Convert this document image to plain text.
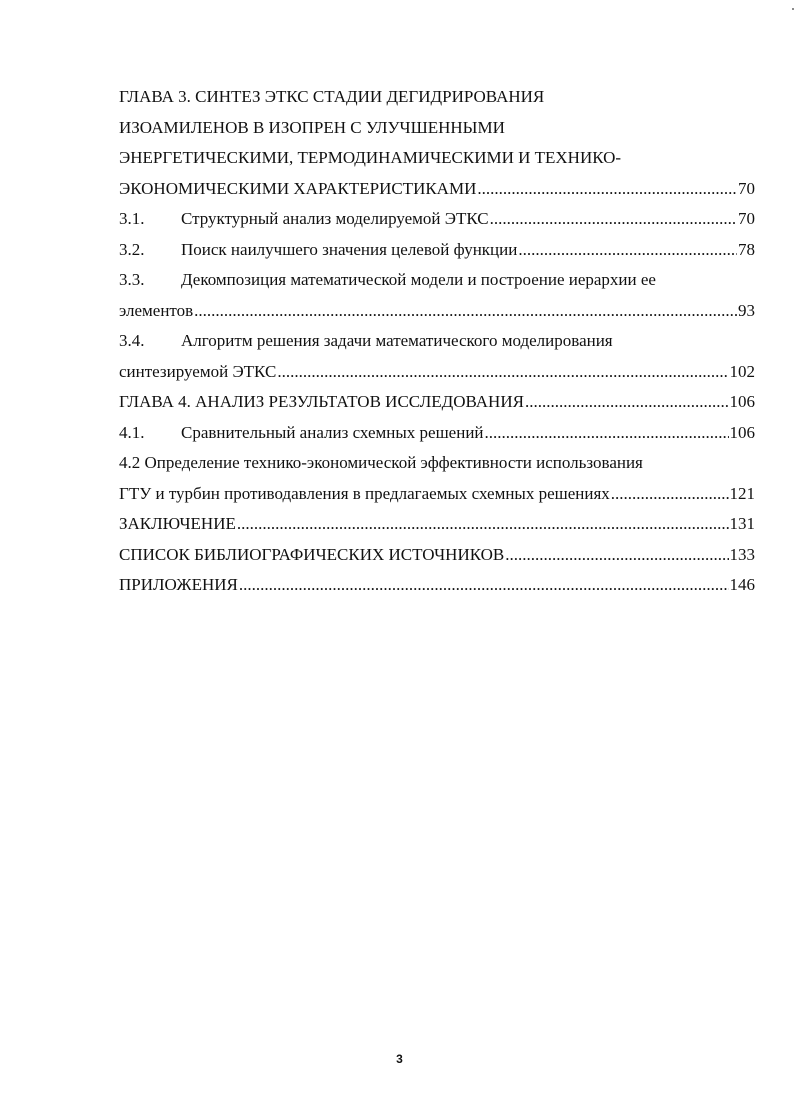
ГЛАВА 3. СИНТЕЗ ЭТКС СТАДИИ ДЕГИДРИРОВАНИЯ
ИЗОАМИЛЕНОВ В ИЗОПРЕН С УЛУЧШЕННЫМИ
ЭНЕРГЕТИЧЕСКИМИ, ТЕРМОДИНАМИЧЕСКИМИ И ТЕХНИКО-
ЭКОНОМИЧЕСКИМИ ХАРАКТЕРИСТИКАМИ .....	70
3.1.	Структурный анализ моделируемой ЭТКС .....	70
3.2.	Поиск наилучшего значения целевой функции .....	78
3.3. Декомпозиция математической модели и построение иерархии ее
элементов .....	93
3.4. Алгоритм решения задачи математического моделирования
синтезируемой ЭТКС .....	102
ГЛАВА 4. АНАЛИЗ РЕЗУЛЬТАТОВ ИССЛЕДОВАНИЯ .....	106
4.1.	Сравнительный анализ схемных решений .....	106
4.2 Определение технико-экономической эффективности использования
ГТУ и турбин противодавления в предлагаемых схемных решениях .....	121
ЗАКЛЮЧЕНИЕ .....	131
СПИСОК БИБЛИОГРАФИЧЕСКИХ ИСТОЧНИКОВ .....	133
ПРИЛОЖЕНИЯ .....	146
3
